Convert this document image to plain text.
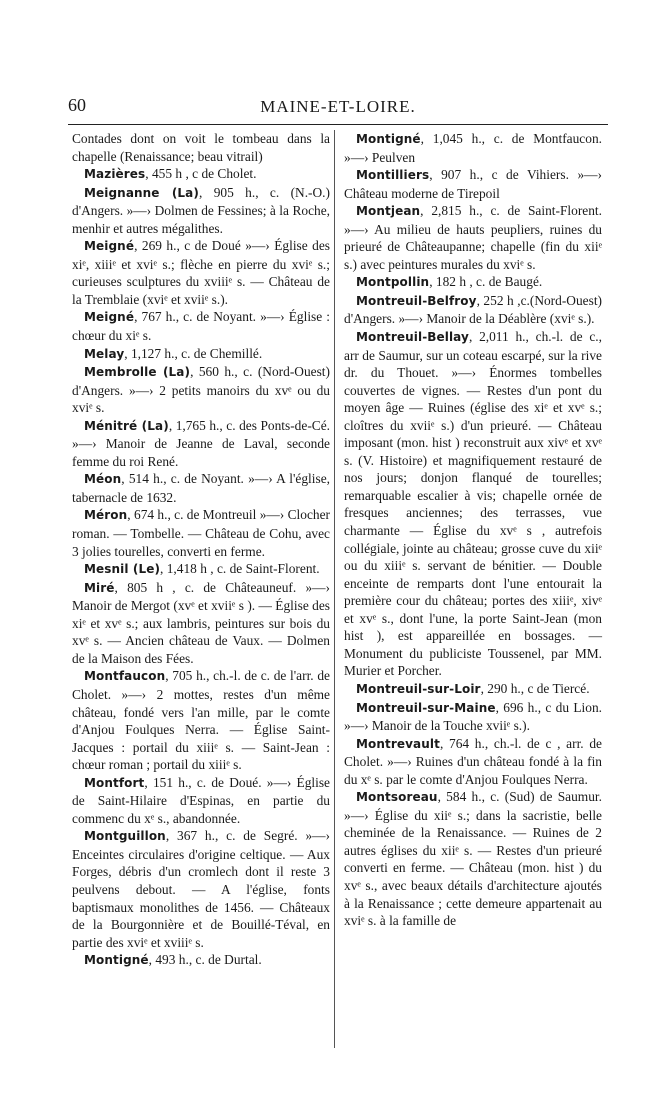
60	MAINE-ET-LOIRE.

Contades dont on voit le tombeau dans la chapelle (Renaissance; beau vitrail)

Mazières, 455 h , c de Cholet.

Meignanne (La), 905 h., c. (N.-O.) d'Angers. »—› Dolmen de Fessines; à la Roche, menhir et autres mégalithes.

Meigné, 269 h., c de Doué »—› Église des xiᵉ, xiiiᵉ et xviᵉ s.; flèche en pierre du xviᵉ s.; curieuses sculptures du xviiiᵉ s. — Château de la Tremblaie (xviᵉ et xviiᵉ s.).

Meigné, 767 h., c. de Noyant. »—› Église : chœur du xiᵉ s.

Melay, 1,127 h., c. de Chemillé.

Membrolle (La), 560 h., c. (Nord-Ouest) d'Angers. »—› 2 petits manoirs du xvᵉ ou du xviᵉ s.

Ménitré (La), 1,765 h., c. des Ponts-de-Cé. »—› Manoir de Jeanne de Laval, seconde femme du roi René.

Méon, 514 h., c. de Noyant. »—› A l'église, tabernacle de 1632.

Méron, 674 h., c. de Montreuil »—› Clocher roman. — Tombelle. — Château de Cohu, avec 3 jolies tourelles, converti en ferme.

Mesnil (Le), 1,418 h , c. de Saint-Florent.

Miré, 805 h , c. de Châteauneuf. »—› Manoir de Mergot (xvᵉ et xviiᵉ s ). — Église des xiᵉ et xvᵉ s.; aux lambris, peintures sur bois du xvᵉ s. — Ancien château de Vaux. — Dolmen de la Maison des Fées.

Montfaucon, 705 h., ch.-l. de c. de l'arr. de Cholet. »—› 2 mottes, restes d'un même château, fondé vers l'an mille, par le comte d'Anjou Foulques Nerra. — Église Saint-Jacques : portail du xiiiᵉ s. — Saint-Jean : chœur roman ; portail du xiiiᵉ s.

Montfort, 151 h., c. de Doué. »—› Église de Saint-Hilaire d'Espinas, en partie du commenc du xᵉ s., abandonnée.

Montguillon, 367 h., c. de Segré. »—› Enceintes circulaires d'origine celtique. — Aux Forges, débris d'un cromlech dont il reste 3 peulvens debout. — A l'église, fonts baptismaux monolithes de 1456. — Châteaux de la Bourgonnière et de Bouillé-Téval, en partie des xviᵉ et xviiiᵉ s.

Montigné, 493 h., c. de Durtal.

Montigné, 1,045 h., c. de Montfaucon. »—› Peulven

Montilliers, 907 h., c de Vihiers. »—› Château moderne de Tirepoil

Montjean, 2,815 h., c. de Saint-Florent. »—› Au milieu de hauts peupliers, ruines du prieuré de Châteaupanne; chapelle (fin du xiiᵉ s.) avec peintures murales du xviᵉ s.

Montpollin, 182 h , c. de Baugé.

Montreuil-Belfroy, 252 h ,c.(Nord-Ouest) d'Angers. »—› Manoir de la Déablère (xviᵉ s.).

Montreuil-Bellay, 2,011 h., ch.-l. de c., arr de Saumur, sur un coteau escarpé, sur la rive dr. du Thouet. »—› Énormes tombelles couvertes de vignes. — Restes d'un pont du moyen âge — Ruines (église des xiᵉ et xvᵉ s.; cloîtres du xviiᵉ s.) d'un prieuré. — Château imposant (mon. hist ) reconstruit aux xivᵉ et xvᵉ s. (V. Histoire) et magnifiquement restauré de nos jours; donjon flanqué de tourelles; remarquable escalier à vis; chapelle ornée de fresques anciennes; des terrasses, vue charmante — Église du xvᵉ s , autrefois collégiale, jointe au château; grosse cuve du xiiᵉ ou du xiiiᵉ s. servant de bénitier. — Double enceinte de remparts dont l'une entourait la première cour du château; portes des xiiiᵉ, xivᵉ et xvᵉ s., dont l'une, la porte Saint-Jean (mon hist ), est appareillée en bossages. — Monument du publiciste Toussenel, par MM. Murier et Porcher.

Montreuil-sur-Loir, 290 h., c de Tiercé.

Montreuil-sur-Maine, 696 h., c du Lion. »—› Manoir de la Touche xviiᵉ s.).

Montrevault, 764 h., ch.-l. de c , arr. de Cholet. »—› Ruines d'un château fondé à la fin du xᵉ s. par le comte d'Anjou Foulques Nerra.

Montsoreau, 584 h., c. (Sud) de Saumur. »—› Église du xiiᵉ s.; dans la sacristie, belle cheminée de la Renaissance. — Ruines de 2 autres églises du xiiᵉ s. — Restes d'un prieuré converti en ferme. — Château (mon. hist ) du xvᵉ s., avec beaux détails d'architecture ajoutés à la Renaissance ; cette demeure appartenait au xviᵉ s. à la famille de
